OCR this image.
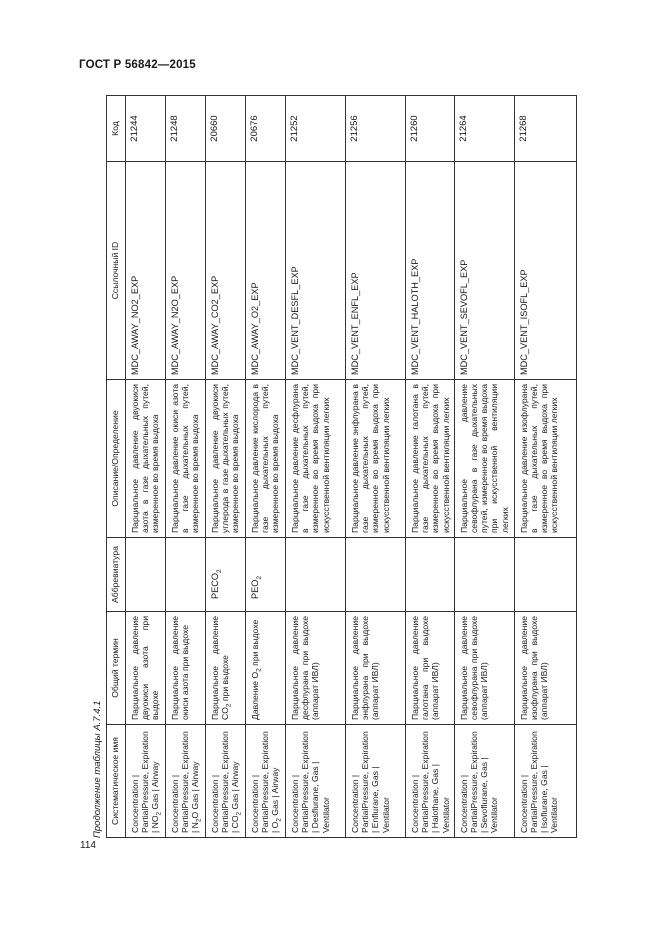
ГОСТ Р 56842—2015
Продолжение таблицы А.7.4.1 Систематическое имя	Общий термин	Аббревиатура	Описание/Определение	Ссылочный ID	Код
Concentration | PartialPressure, Expiration | $NO_2$ Gas | Airway	Парциальное давление двуокиси азота при выдохе		Парциальное давление двуокиси азота в газе дыхательных путей, измеренное во время выдоха	MDC_AWAY_NO2_EXP	21244
Concentration | PartialPressure, Expiration | $N_2O$ Gas | Airway	Парциальное давление окиси азота при выдохе		Парциальное давление окиси азота в газе дыхательных путей, измеренное во время выдоха	MDC_AWAY_N2O_EXP	21248
Concentration | PartialPressure, Expiration | $CO_2$ Gas | Airway	Парциальное давление $CO_2$ при выдохе	$PECO_2$	Парциальное давление двуокиси углерода в газе дыхательных путей, измеренное во время выдоха	MDC_AWAY_CO2_EXP	20660
Concentration | PartialPressure, Expiration | $O_2$ Gas | Airway	Давление $O_2$ при выдохе	$PEO_2$	Парциальное давление кислорода в газе дыхательных путей, измеренное во время выдоха	MDC_AWAY_O2_EXP	20676
Concentration | PartialPressure, Expiration | Desflurane, Gas | Ventilator	Парциальное давление десфлурана при выдохе (аппарат ИВЛ)		Парциальное давление десфлурана в газе дыхательных путей, измеренное во время выдоха при искусственной вентиляции легких	MDC_VENT_DESFL_EXP	21252
Concentration | PartialPressure, Expiration | Enflurane, Gas | Ventilator	Парциальное давление энфлурана при выдохе (аппарат ИВЛ)		Парциальное давление энфлурана в газе дыхательных путей, измеренное во время выдоха при искусственной вентиляции легких	MDC_VENT_ENFL_EXP	21256
Concentration | PartialPressure, Expiration | Halothane, Gas | Ventilator	Парциальное давление галотана при выдохе (аппарат ИВЛ)		Парциальное давление галотана в газе дыхательных путей, измеренное во время выдоха при искусственной вентиляции легких	MDC_VENT_HALOTH_EXP	21260
Concentration | PartialPressure, Expiration | Sevoflurane, Gas | Ventilator	Парциальное давление севофлурана при выдохе (аппарат ИВЛ)		Парциальное давление севофлурана в газе дыхательных путей, измеренное во время выдоха при искусственной вентиляции легких	MDC_VENT_SEVOFL_EXP	21264
Concentration | PartialPressure, Expiration | Isoflurane, Gas | Ventilator	Парциальное давление изофлурана при выдохе (аппарат ИВЛ)		Парциальное давление изофлурана в газе дыхательных путей, измеренное во время выдоха при искусственной вентиляции легких	MDC_VENT_ISOFL_EXP	21268
114
